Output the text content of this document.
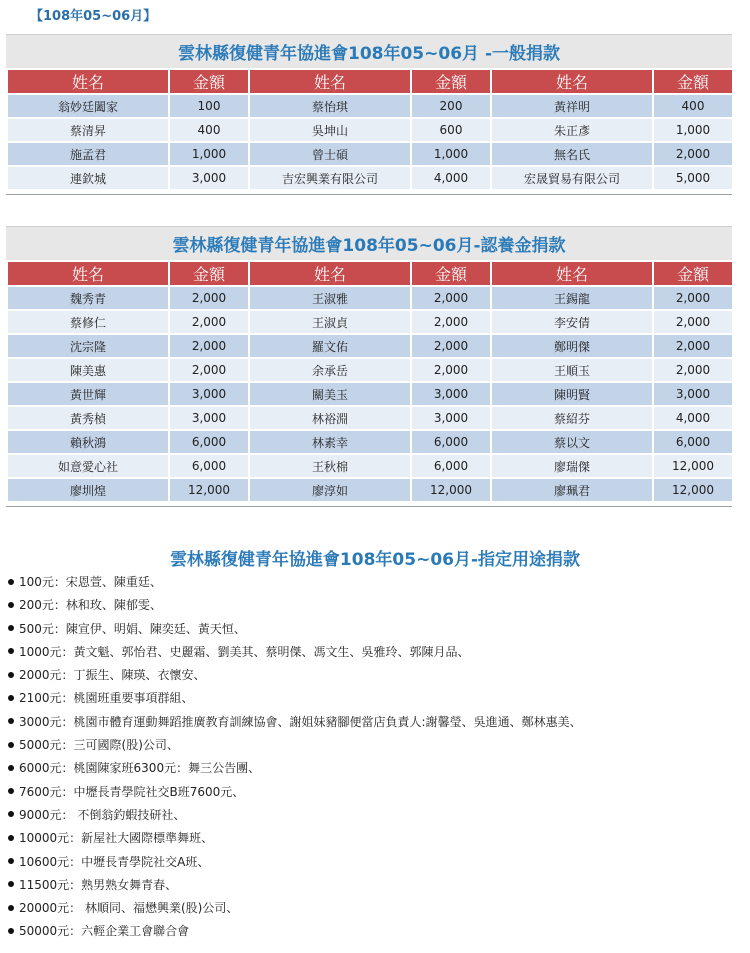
【108年05~06月】
雲林縣復健青年協進會108年05~06月 -一般捐款
姓名	金額	姓名	金額	姓名	金額
翁妙廷闔家	100	蔡怡琪	200	黃祥明	400
蔡清昇	400	吳坤山	600	朱正彥	1,000
施孟君	1,000	曾士碩	1,000	無名氏	2,000
連欽城	3,000	吉宏興業有限公司	4,000	宏晟貿易有限公司	5,000
雲林縣復健青年協進會108年05~06月-認養金捐款
姓名	金額	姓名	金額	姓名	金額
魏秀青	2,000	王淑雅	2,000	王錫龍	2,000
蔡修仁	2,000	王淑貞	2,000	李安倩	2,000
沈宗隆	2,000	羅文佑	2,000	鄭明傑	2,000
陳美惠	2,000	余承岳	2,000	王順玉	2,000
黃世輝	3,000	關美玉	3,000	陳明賢	3,000
黃秀楨	3,000	林裕淵	3,000	蔡紹芬	4,000
賴秋鴻	6,000	林素幸	6,000	蔡以文	6,000
如意愛心社	6,000	王秋棉	6,000	廖瑞傑	12,000
廖圳煌	12,000	廖淳如	12,000	廖珮君	12,000
雲林縣復健青年協進會108年05~06月-指定用途捐款
100元：宋恩萱、陳重廷、
200元：林和玫、陳郁雯、
500元：陳宣伊、明娟、陳奕廷、黃天恒、
1000元：黃文魁、郭怡君、史麗霜、劉美其、蔡明傑、馮文生、吳雅玲、郭陳月品、
2000元：丁振生、陳瑛、衣懷安、
2100元：桃園班重要事項群組、
3000元：桃園市體育運動舞蹈推廣教育訓練協會、謝姐妹豬腳便當店負責人:謝馨瑩、吳進通、鄭林惠美、
5000元：三可國際(股)公司、
6000元：桃園陳家班6300元：舞三公告團、
7600元：中壢長青學院社交B班7600元、
9000元： 不倒翁釣蝦技研社、
10000元：新屋社大國際標準舞班、
10600元：中壢長青學院社交A班、
11500元：熟男熟女舞青春、
20000元： 林順同、福懋興業(股)公司、
50000元：六輕企業工會聯合會
